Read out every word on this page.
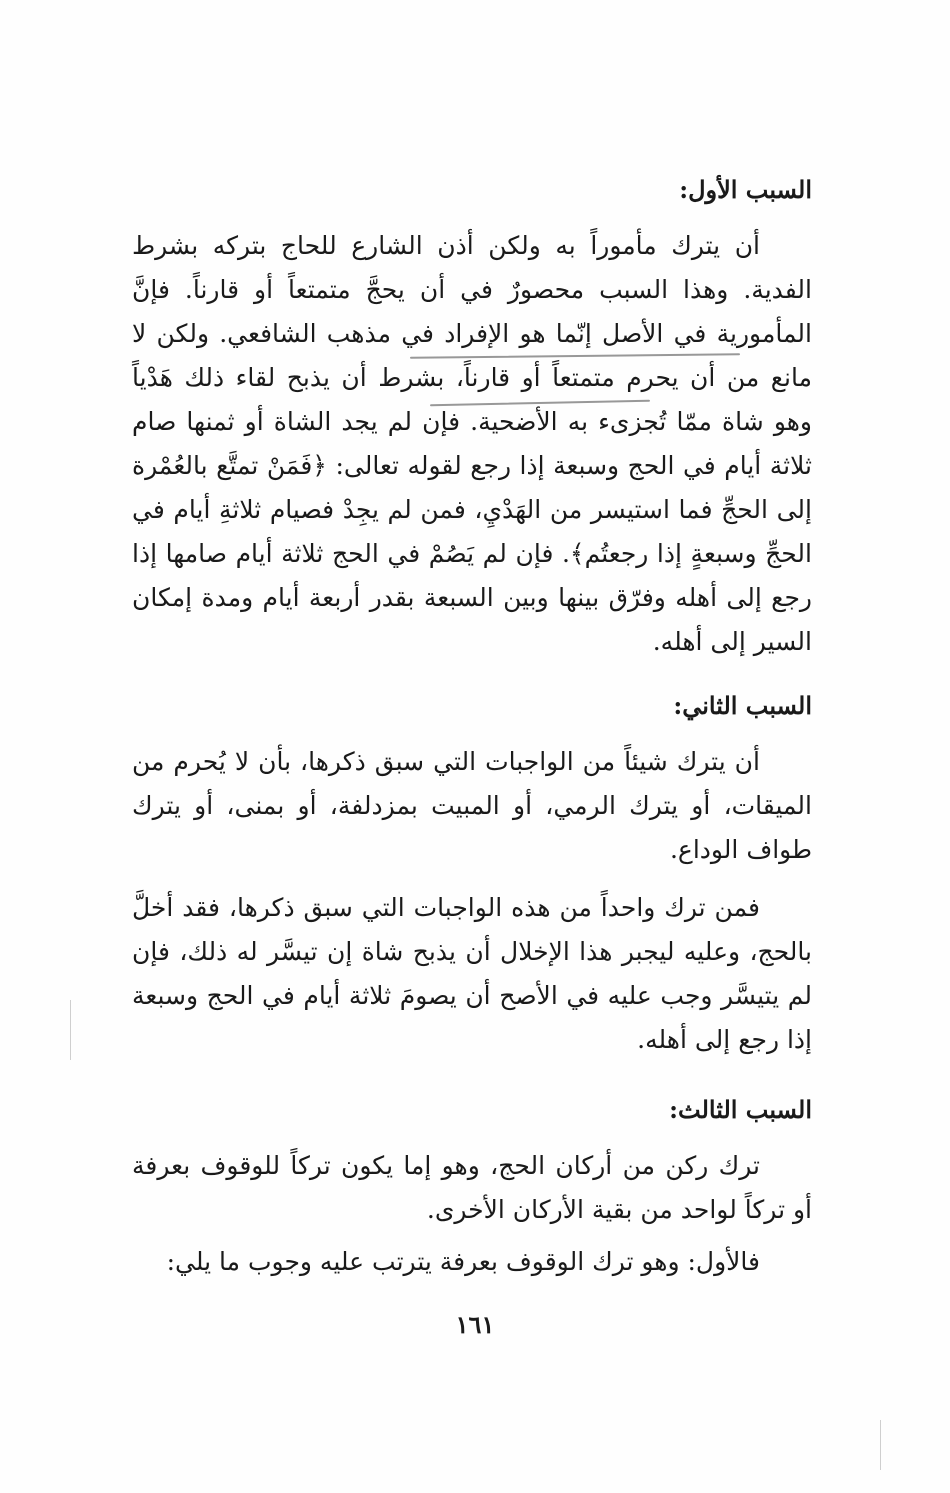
السبب الأول:
أن يترك مأموراً به ولكن أذن الشارع للحاج بتركه بشرط الفدية. وهذا السبب محصورٌ في أن يحجَّ متمتعاً أو قارناً. فإنَّ المأمورية في الأصل إنّما هو الإفراد في مذهب الشافعي. ولكن لا مانع من أن يحرم متمتعاً أو قارناً، بشرط أن يذبح لقاء ذلك هَدْياً وهو شاة ممّا تُجزىء به الأضحية. فإن لم يجد الشاة أو ثمنها صام ثلاثة أيام في الحج وسبعة إذا رجع لقوله تعالى: ﴿فَمَنْ تمتَّع بالعُمْرة إلى الحجِّ فما استيسر من الهَدْيِ، فمن لم يجِدْ فصيام ثلاثةِ أيام في الحجِّ وسبعةٍ إذا رجعتُم﴾. فإن لم يَصُمْ في الحج ثلاثة أيام صامها إذا رجع إلى أهله وفرّق بينها وبين السبعة بقدر أربعة أيام ومدة إمكان السير إلى أهله.
السبب الثاني:
أن يترك شيئاً من الواجبات التي سبق ذكرها، بأن لا يُحرم من الميقات، أو يترك الرمي، أو المبيت بمزدلفة، أو بمنى، أو يترك طواف الوداع.
فمن ترك واحداً من هذه الواجبات التي سبق ذكرها، فقد أخلَّ بالحج، وعليه ليجبر هذا الإخلال أن يذبح شاة إن تيسَّر له ذلك، فإن لم يتيسَّر وجب عليه في الأصح أن يصومَ ثلاثة أيام في الحج وسبعة إذا رجع إلى أهله.
السبب الثالث:
ترك ركن من أركان الحج، وهو إما يكون تركاً للوقوف بعرفة أو تركاً لواحد من بقية الأركان الأخرى.
فالأول: وهو ترك الوقوف بعرفة يترتب عليه وجوب ما يلي:
١٦١
